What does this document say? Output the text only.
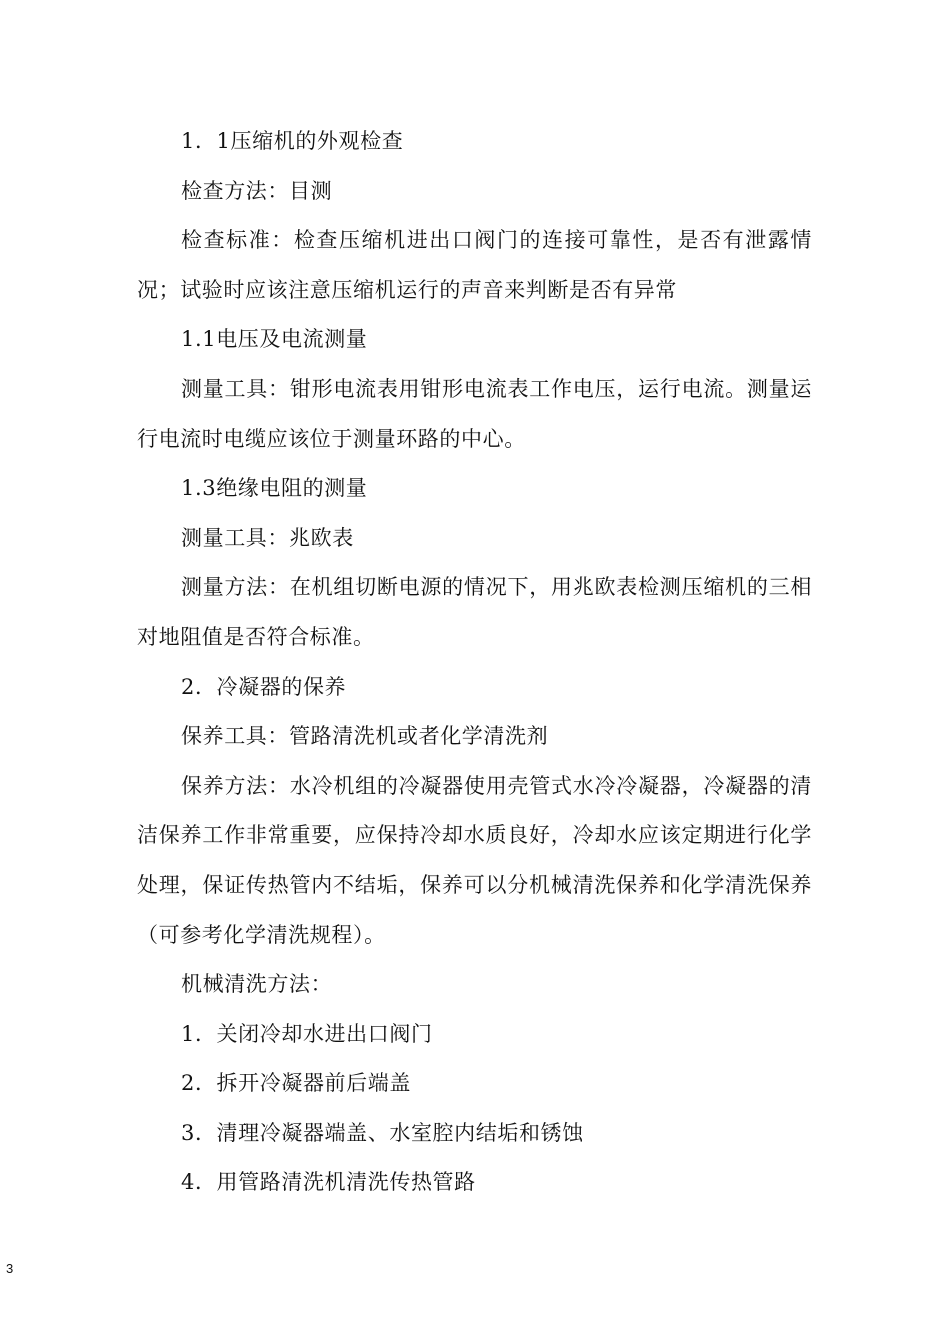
1．1压缩机的外观检查

检查方法：目测

检查标准：检查压缩机进出口阀门的连接可靠性，是否有泄露情况；试验时应该注意压缩机运行的声音来判断是否有异常

1.1电压及电流测量

测量工具：钳形电流表用钳形电流表工作电压，运行电流。测量运行电流时电缆应该位于测量环路的中心。

1.3绝缘电阻的测量

测量工具：兆欧表

测量方法：在机组切断电源的情况下，用兆欧表检测压缩机的三相对地阻值是否符合标准。

2．冷凝器的保养

保养工具：管路清洗机或者化学清洗剂

保养方法：水冷机组的冷凝器使用壳管式水冷冷凝器，冷凝器的清洁保养工作非常重要，应保持冷却水质良好，冷却水应该定期进行化学处理，保证传热管内不结垢，保养可以分机械清洗保养和化学清洗保养（可参考化学清洗规程）。

机械清洗方法：

1．关闭冷却水进出口阀门

2．拆开冷凝器前后端盖

3．清理冷凝器端盖、水室腔内结垢和锈蚀

4．用管路清洗机清洗传热管路

3
